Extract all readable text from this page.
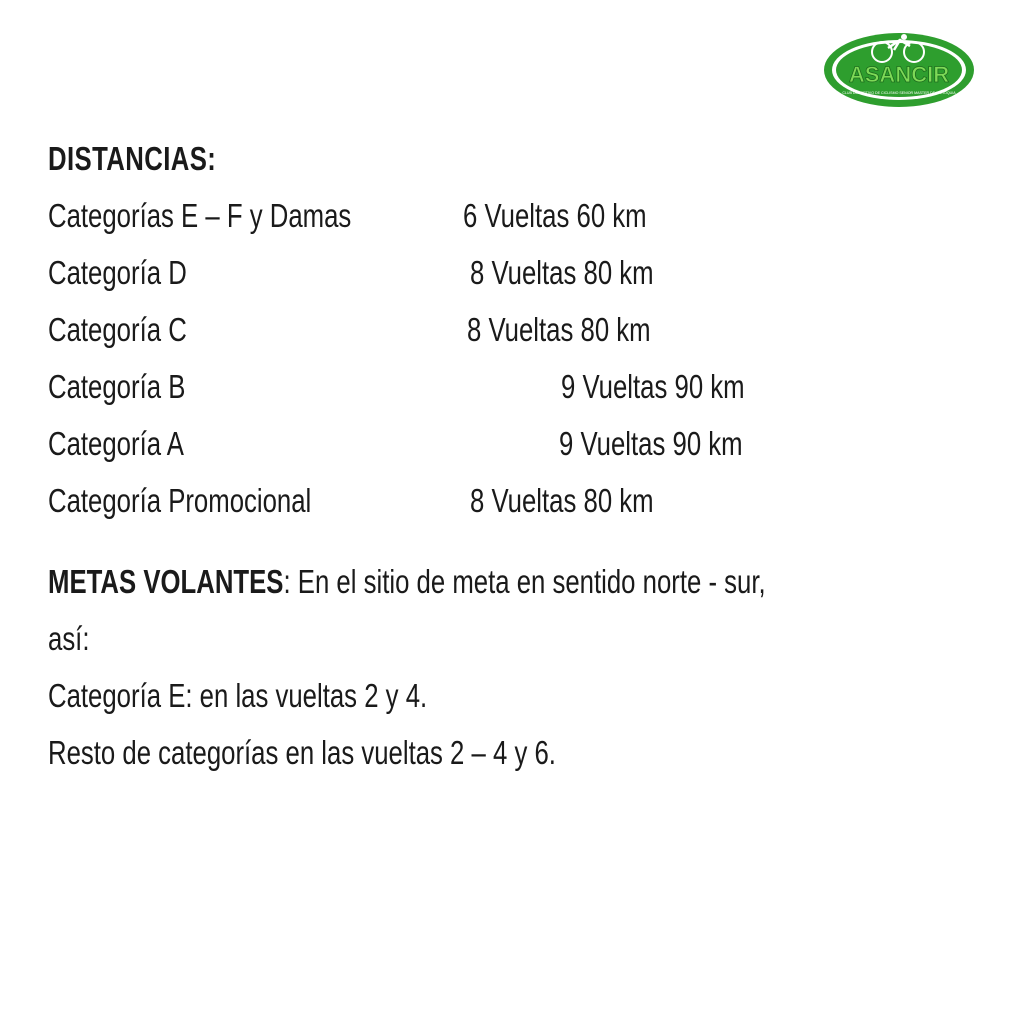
ASANCIR
CLUB DEPORTIVO DE CICLISMO SENIOR MASTER DE ANTIOQUIA
DISTANCIAS:
Categorías E – F y Damas	6 Vueltas 60 km
Categoría D	8 Vueltas 80 km
Categoría C	8 Vueltas 80 km
Categoría B	9 Vueltas 90 km
Categoría A	9 Vueltas 90 km
Categoría Promocional	8 Vueltas 80 km
METAS VOLANTES: En el sitio de meta en sentido norte - sur,
así:
Categoría E: en las vueltas 2 y 4.
Resto de categorías en las vueltas 2 – 4 y 6.
